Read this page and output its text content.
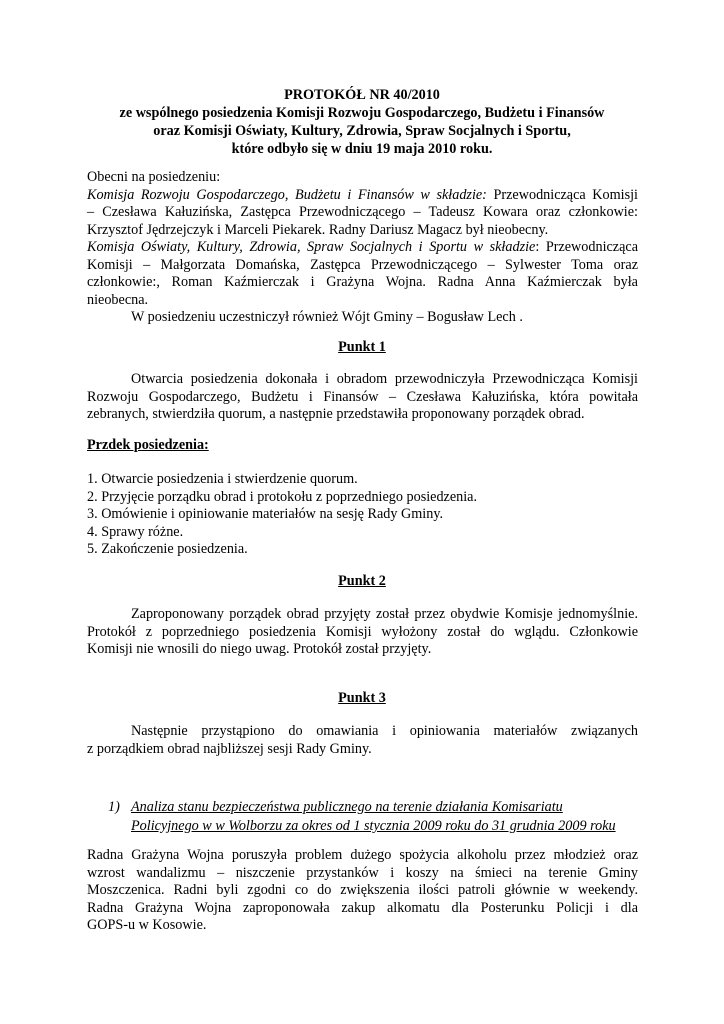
PROTOKÓŁ NR 40/2010
ze wspólnego posiedzenia Komisji Rozwoju Gospodarczego, Budżetu i Finansów
oraz Komisji Oświaty, Kultury, Zdrowia, Spraw Socjalnych i Sportu,
które odbyło się w dniu 19 maja 2010 roku.
Obecni na posiedzeniu:
Komisja Rozwoju Gospodarczego, Budżetu i Finansów w składzie: Przewodnicząca Komisji
– Czesława Kałuzińska, Zastępca Przewodniczącego – Tadeusz Kowara oraz członkowie:
Krzysztof Jędrzejczyk i Marceli Piekarek. Radny Dariusz Magacz był nieobecny.
Komisja Oświaty, Kultury, Zdrowia, Spraw Socjalnych i Sportu w składzie: Przewodnicząca
Komisji – Małgorzata Domańska, Zastępca Przewodniczącego – Sylwester Toma oraz
członkowie:, Roman Kaźmierczak i Grażyna Wojna. Radna Anna Kaźmierczak była
nieobecna.
W posiedzeniu uczestniczył również Wójt Gminy – Bogusław Lech .
Punkt 1
Otwarcia posiedzenia dokonała i obradom przewodniczyła Przewodnicząca Komisji
Rozwoju Gospodarczego, Budżetu i Finansów – Czesława Kałuzińska, która powitała
zebranych, stwierdziła quorum, a następnie przedstawiła proponowany porządek obrad.
Przdek posiedzenia:
1. Otwarcie posiedzenia i stwierdzenie quorum.
2. Przyjęcie porządku obrad i protokołu z poprzedniego posiedzenia.
3. Omówienie i opiniowanie materiałów na sesję Rady Gminy.
4. Sprawy różne.
5. Zakończenie posiedzenia.
Punkt 2
Zaproponowany porządek obrad przyjęty został przez obydwie Komisje jednomyślnie.
Protokół z poprzedniego posiedzenia Komisji wyłożony został do wglądu. Członkowie
Komisji nie wnosili do niego uwag. Protokół został przyjęty.
Punkt 3
Następnie przystąpiono do omawiania i opiniowania materiałów związanych
z porządkiem obrad najbliższej sesji Rady Gminy.
1) Analiza stanu bezpieczeństwa publicznego na terenie działania Komisariatu
Policyjnego w w Wolborzu za okres od 1 stycznia 2009 roku do 31 grudnia 2009 roku
Radna Grażyna Wojna poruszyła problem dużego spożycia alkoholu przez młodzież oraz
wzrost wandalizmu – niszczenie przystanków i koszy na śmieci na terenie Gminy
Moszczenica. Radni byli zgodni co do zwiększenia ilości patroli głównie w weekendy.
Radna Grażyna Wojna zaproponowała zakup alkomatu dla Posterunku Policji i dla
GOPS-u w Kosowie.
